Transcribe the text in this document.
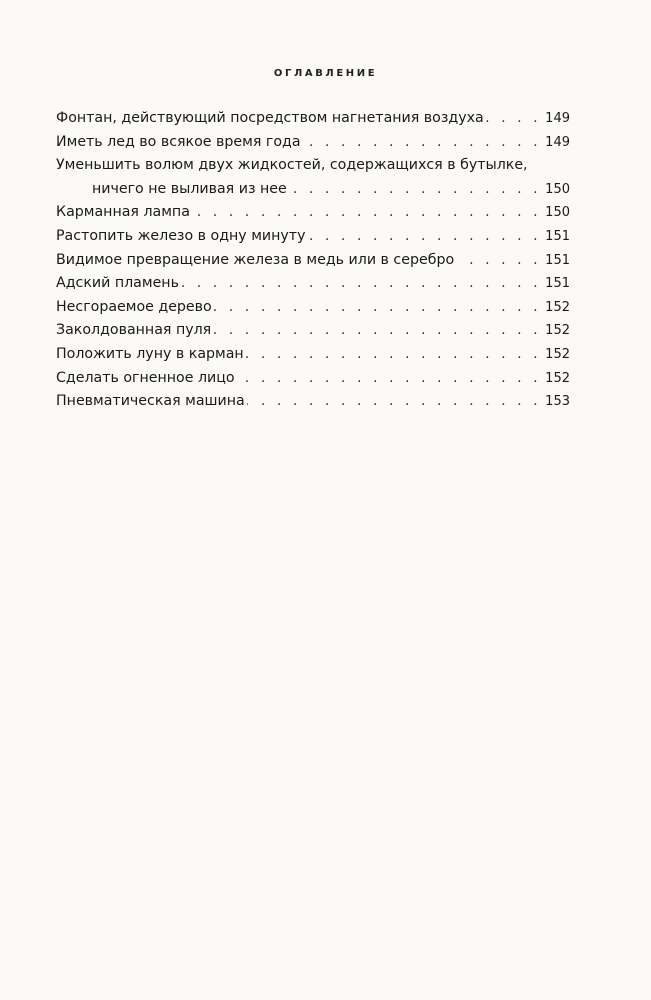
ОГЛАВЛЕНИЕ
Фонтан, действующий посредством нагнетания воздуха . . .	149
Иметь лед во всякое время года . . .	149
Уменьшить волюм двух жидкостей, содержащихся в бутылке,
ничего не выливая из нее . . .	150
Карманная лампа . . .	150
Растопить железо в одну минуту . . .	151
Видимое превращение железа в медь или в серебро . . .	151
Адский пламень . . .	151
Несгораемое дерево . . .	152
Заколдованная пуля . . .	152
Положить луну в карман . . .	152
Сделать огненное лицо . . .	152
Пневматическая машина . . .	153
